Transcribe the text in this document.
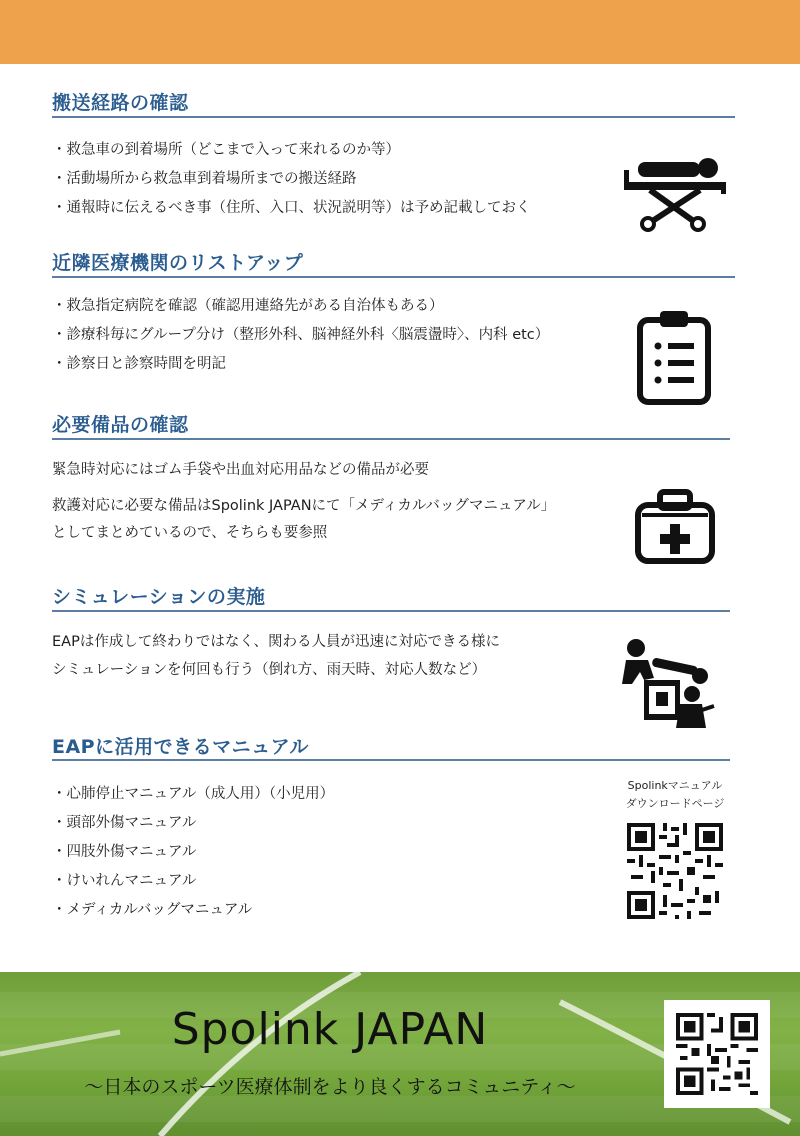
搬送経路の確認
・救急車の到着場所（どこまで入って来れるのか等）
・活動場所から救急車到着場所までの搬送経路
・通報時に伝えるべき事（住所、入口、状況説明等）は予め記載しておく
近隣医療機関のリストアップ
・救急指定病院を確認（確認用連絡先がある自治体もある）
・診療科毎にグループ分け（整形外科、脳神経外科〈脳震盪時〉、内科 etc）
・診察日と診察時間を明記
必要備品の確認
緊急時対応にはゴム手袋や出血対応用品などの備品が必要
救護対応に必要な備品はSpolink JAPANにて「メディカルバッグマニュアル」
としてまとめているので、そちらも要参照
シミュレーションの実施
EAPは作成して終わりではなく、関わる人員が迅速に対応できる様に
シミュレーションを何回も行う（倒れ方、雨天時、対応人数など）
EAPに活用できるマニュアル
・心肺停止マニュアル（成人用）（小児用）
・頭部外傷マニュアル
・四肢外傷マニュアル
・けいれんマニュアル
・メディカルバッグマニュアル
Spolinkマニュアル
ダウンロードページ
Spolink JAPAN
〜日本のスポーツ医療体制をより良くするコミュニティ〜
